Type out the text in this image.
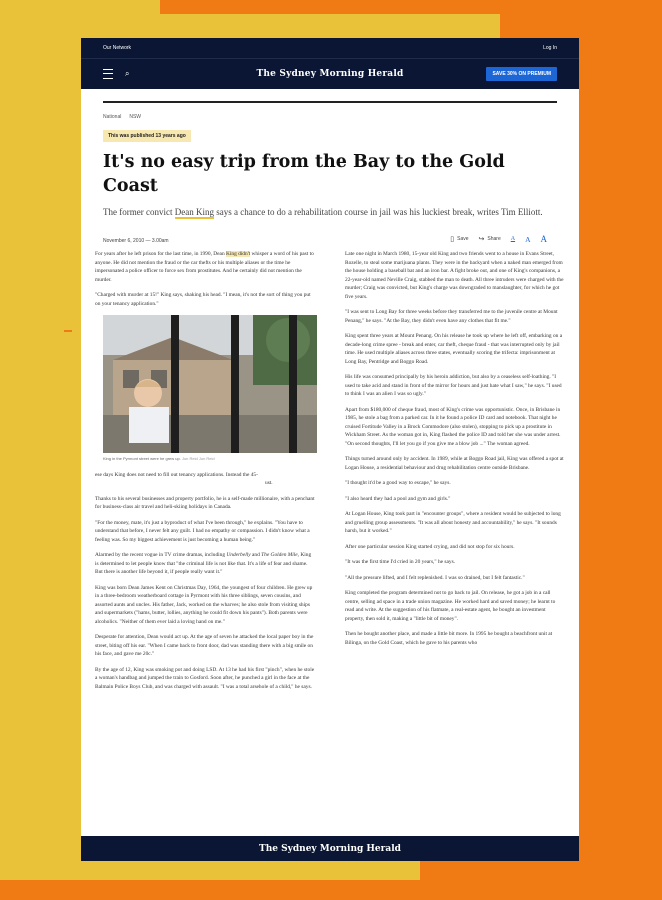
Our Network	Log In
⌕	The Sydney Morning Herald	SAVE 30% ON PREMIUM
National NSW
This was published 13 years ago
It's no easy trip from the Bay to the Gold Coast
The former convict Dean King says a chance to do a rehabilitation course in jail was his luckiest break, writes Tim Elliott.
November 6, 2010 — 3.00am	▯ Save ↪ Share A A A

For years after he left prison for the last time, in 1990, Dean King didn't whisper a word of his past to anyone. He did not mention the fraud or the car thefts or his multiple aliases or the time he impersonated a police officer to force sex from prostitutes. And he certainly did not mention the murder.

"Charged with murder at 15!" King says, shaking his head. "I mean, it's not the sort of thing you put on your tenancy application."

King in the Pyrmont street were he grew up. Jon Reid Jon Reid

ese days King does not need to fill out tenancy applications. Instead the 45-
ust.

Thanks to his several businesses and property portfolio, he is a self-made millionaire, with a penchant for business-class air travel and heli-skiing holidays in Canada.

"For the money, mate, it's just a byproduct of what I've been through," he explains. "You have to understand that before, I never felt any guilt. I had no empathy or compassion. I didn't know what a feeling was. So my biggest achievement is just becoming a human being."

Alarmed by the recent vogue in TV crime dramas, including Underbelly and The Golden Mile, King is determined to let people know that "the criminal life is not like that. It's a life of fear and shame. But there is another life beyond it, if people really want it."

King was born Dean James Kent on Christmas Day, 1964, the youngest of four children. He grew up in a three-bedroom weatherboard cottage in Pyrmont with his three siblings, seven cousins, and assorted aunts and uncles. His father, Jack, worked on the wharves; he also stole from visiting ships and supermarkets ("hams, butter, lollies, anything he could fit down his pants"). Both parents were alcoholics. "Neither of them ever laid a loving hand on me."

Desperate for attention, Dean would act up. At the age of seven he attacked the local paper boy in the street, biting off his ear. "When I came back to front door, dad was standing there with a big smile on his face, and gave me 20c."

By the age of 12, King was smoking pot and doing LSD. At 13 he had his first "pinch", when he stole a woman's handbag and jumped the train to Gosford. Soon after, he punched a girl in the face at the Balmain Police Boys Club, and was charged with assault. "I was a total arsehole of a child," he says.

Late one night in March 1980, 15-year old King and two friends went to a house in Evans Street, Rozelle, to steal some marijuana plants. They were in the backyard when a naked man emerged from the house holding a baseball bat and an iron bar. A fight broke out, and one of King's companions, a 22-year-old named Neville Craig, stabbed the man to death. All three intruders were charged with the murder; Craig was convicted, but King's charge was downgraded to manslaughter, for which he got five years.

"I was sent to Long Bay for three weeks before they transferred me to the juvenile centre at Mount Penang," he says. "At the Bay, they didn't even have any clothes that fit me."

King spent three years at Mount Penang. On his release he took up where he left off, embarking on a decade-long crime spree - break and enter, car theft, cheque fraud - that was interrupted only by jail time. He used multiple aliases across three states, eventually scoring the trifecta: imprisonment at Long Bay, Pentridge and Boggo Road.

His life was consumed principally by his heroin addiction, but also by a ceaseless self-loathing. "I used to take acid and stand in front of the mirror for hours and just hate what I saw," he says. "I used to think I was an alien I was so ugly."

Apart from $180,000 of cheque fraud, most of King's crime was opportunistic. Once, in Brisbane in 1985, he stole a bag from a parked car. In it he found a police ID card and notebook. That night he cruised Fortitude Valley in a Brock Commodore (also stolen), stopping to pick up a prostitute in Wickham Street. As the woman got in, King flashed the police ID and told her she was under arrest. "On second thoughts, I'll let you go if you give me a blow job ..." The woman agreed.

Things turned around only by accident. In 1989, while at Boggo Road jail, King was offered a spot at Logan House, a residential behaviour and drug rehabilitation centre outside Brisbane.

"I thought it'd be a good way to escape," he says.

"I also heard they had a pool and gym and girls."

At Logan House, King took part in "encounter groups", where a resident would be subjected to long and gruelling group assessments. "It was all about honesty and accountability," he says. "It sounds harsh, but it worked."

After one particular session King started crying, and did not stop for six hours.

"It was the first time I'd cried in 20 years," he says.

"All the pressure lifted, and I felt replenished. I was so drained, but I felt fantastic."

King completed the program determined not to go back to jail. On release, he got a job in a call centre, selling ad space in a trade union magazine. He worked hard and saved money; he learnt to read and write. At the suggestion of his flatmate, a real-estate agent, he bought an investment property, then sold it, making a "little bit of money".

Then he bought another place, and made a little bit more. In 1995 he bought a beachfront unit at Bilinga, on the Gold Coast, which he gave to his parents who

The Sydney Morning Herald
